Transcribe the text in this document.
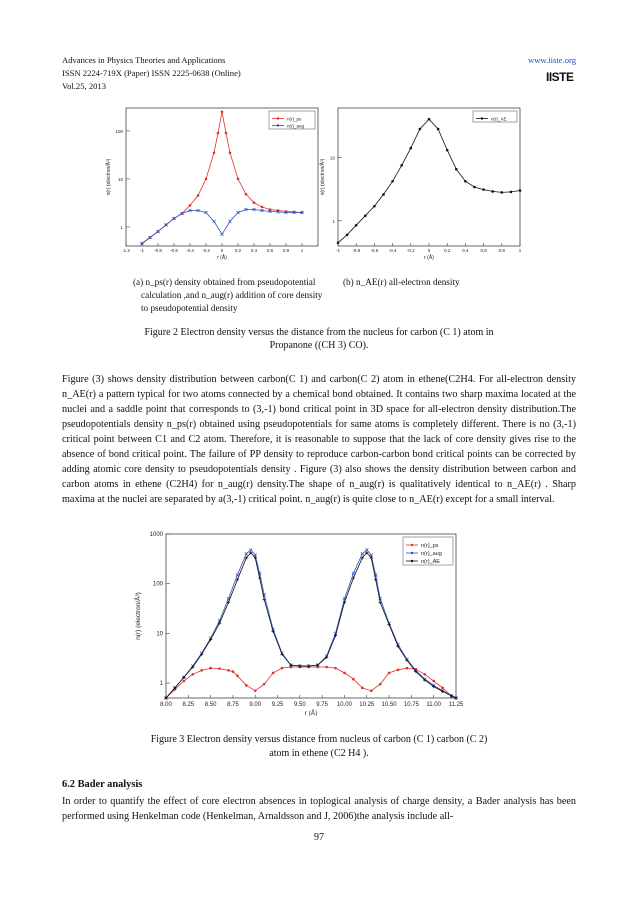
Advances in Physics Theories and Applications
ISSN 2224-719X (Paper) ISSN 2225-0638 (Online)
Vol.25, 2013
www.iiste.org
IISTE
-1.2 -1 -0.8 -0.6 -0.4 -0.2 0	0.2 0.4 0.6 0.8	1
1
10
100
r (Å)
n(r) (electron/Å³)
n(r)_ps
n(r)_aug
-1	-0.8 -0.6 -0.4 -0.2	0	0.2	0.4	0.6	0.8	1
1
10
r (Å)
n(r) (electron/Å³)
n(r)_AE
(a) n_ps(r) density obtained from pseudopotential
calculation ,and n_aug(r) addition of core density
to pseudopotential density
(b) n_AE(r) all-electron density
Figure 2 Electron density versus the distance from the nucleus for carbon (C 1) atom in
Propanone ((CH 3) CO).
Figure (3) shows density distribution between carbon(C 1) and carbon(C 2) atom in ethene(C2H4. For all-electron density n_AE(r) a pattern typical for two atoms connected by a chemical bond obtained. It contains two sharp maxima located at the nuclei and a saddle point that corresponds to (3,-1) bond critical point in 3D space for all-electron density distribution.The pseudopotentials density n_ps(r) obtained using pseudopotentials for same atoms is completely different. There is no (3,-1) critical point between C1 and C2 atom. Therefore, it is reasonable to suppose that the lack of core density gives rise to the absence of bond critical point. The failure of PP density to reproduce carbon-carbon bond critical points can be corrected by adding atomic core density to pseudopotentials density . Figure (3) also shows the density distribution between carbon and carbon atoms in ethene (C2H4) for n_aug(r) density.The shape of n_aug(r) is qualitatively identical to n_AE(r) . Sharp maxima at the nuclei are separated by a(3,-1) critical point. n_aug(r) is quite close to n_AE(r) except for a small interval.
8.00 8.25 8.50 8.75 9.00 9.25 9.50 9.75 10.00 10.25 10.50 10.75 11.00 11.25
1
10
100
1000
r (Å)
n(r) (electron/Å³)
n(r)_ps
n(r)_aug
n(r)_AE
Figure 3 Electron density versus distance from nucleus of carbon (C 1) carbon (C 2)
atom in ethene (C2 H4 ).
6.2 Bader analysis
In order to quantify the effect of core electron absences in toplogical analysis of charge density, a Bader analysis has been performed using Henkelman code (Henkelman, Arnaldsson and J, 2006)the analysis include all-
97
